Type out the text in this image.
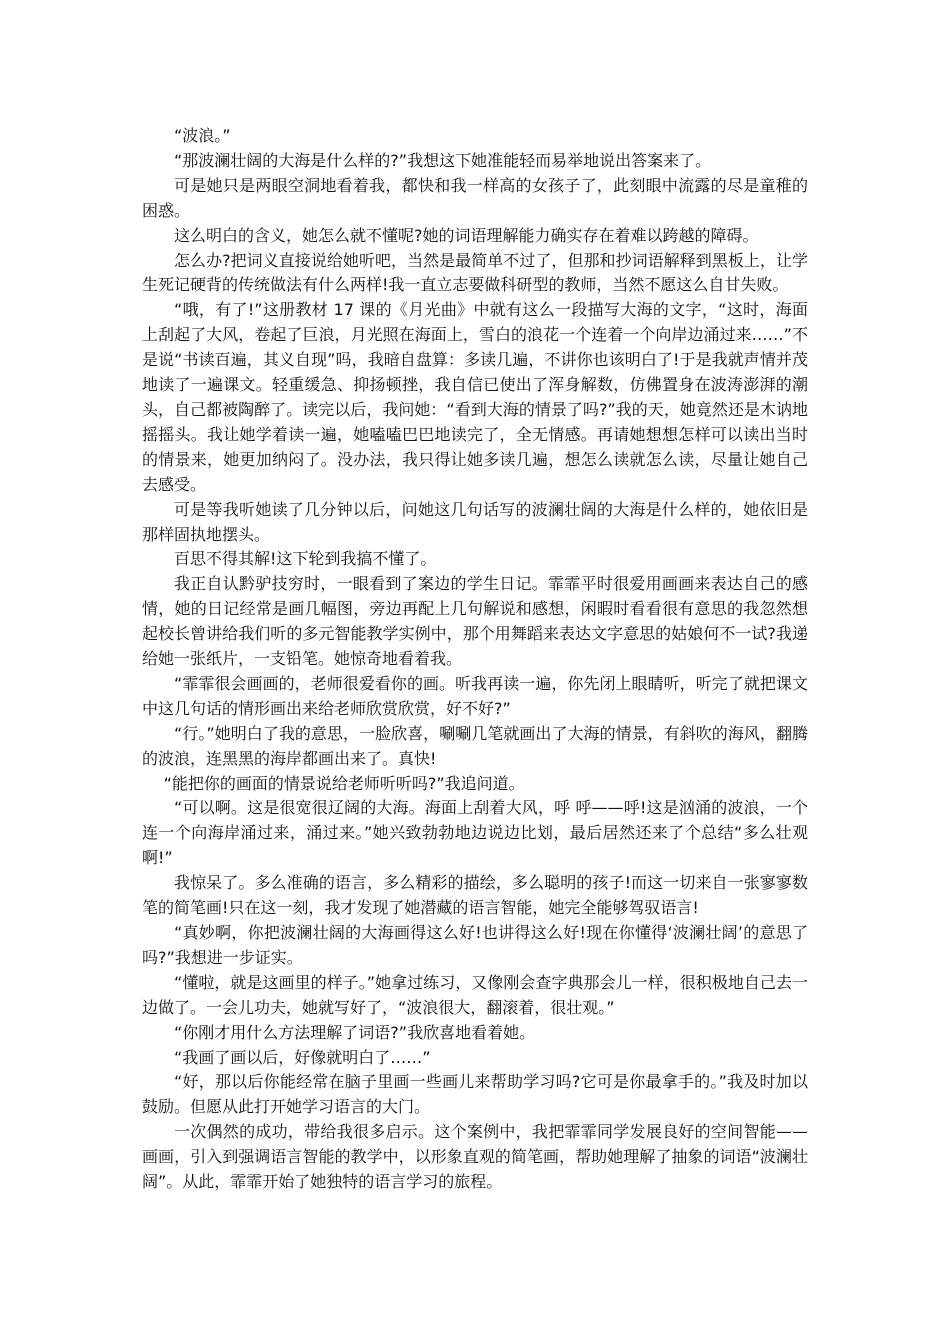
“波浪。”

“那波澜壮阔的大海是什么样的?”我想这下她准能轻而易举地说出答案来了。

可是她只是两眼空洞地看着我，都快和我一样高的女孩子了，此刻眼中流露的尽是童稚的困惑。

这么明白的含义，她怎么就不懂呢?她的词语理解能力确实存在着难以跨越的障碍。

怎么办?把词义直接说给她听吧，当然是最简单不过了，但那和抄词语解释到黑板上，让学生死记硬背的传统做法有什么两样!我一直立志要做科研型的教师，当然不愿这么自甘失败。

“哦，有了!”这册教材 17 课的《月光曲》中就有这么一段描写大海的文字，“这时，海面上刮起了大风，卷起了巨浪，月光照在海面上，雪白的浪花一个连着一个向岸边涌过来……”不是说“书读百遍，其义自现”吗，我暗自盘算：多读几遍，不讲你也该明白了!于是我就声情并茂地读了一遍课文。轻重缓急、抑扬顿挫，我自信已使出了浑身解数，仿佛置身在波涛澎湃的潮头，自己都被陶醉了。读完以后，我问她：“看到大海的情景了吗?”我的天，她竟然还是木讷地摇摇头。我让她学着读一遍，她嗑嗑巴巴地读完了，全无情感。再请她想想怎样可以读出当时的情景来，她更加纳闷了。没办法，我只得让她多读几遍，想怎么读就怎么读，尽量让她自己去感受。

可是等我听她读了几分钟以后，问她这几句话写的波澜壮阔的大海是什么样的，她依旧是那样固执地摆头。

百思不得其解!这下轮到我搞不懂了。

我正自认黔驴技穷时，一眼看到了案边的学生日记。霏霏平时很爱用画画来表达自己的感情，她的日记经常是画几幅图，旁边再配上几句解说和感想，闲暇时看看很有意思的我忽然想起校长曾讲给我们听的多元智能教学实例中，那个用舞蹈来表达文字意思的姑娘何不一试?我递给她一张纸片，一支铅笔。她惊奇地看着我。

“霏霏很会画画的，老师很爱看你的画。听我再读一遍，你先闭上眼睛听，听完了就把课文中这几句话的情形画出来给老师欣赏欣赏，好不好?”

“行。”她明白了我的意思，一脸欣喜，唰唰几笔就画出了大海的情景，有斜吹的海风，翻腾的波浪，连黑黑的海岸都画出来了。真快!

“能把你的画面的情景说给老师听听吗?”我追问道。

“可以啊。这是很宽很辽阔的大海。海面上刮着大风，呼 呼——呼!这是汹涌的波浪，一个连一个向海岸涌过来，涌过来。”她兴致勃勃地边说边比划，最后居然还来了个总结“多么壮观啊!”

我惊呆了。多么准确的语言，多么精彩的描绘，多么聪明的孩子!而这一切来自一张寥寥数笔的简笔画!只在这一刻，我才发现了她潜藏的语言智能，她完全能够驾驭语言!

“真妙啊，你把波澜壮阔的大海画得这么好!也讲得这么好!现在你懂得‘波澜壮阔’的意思了吗?”我想进一步证实。

“懂啦，就是这画里的样子。”她拿过练习，又像刚会查字典那会儿一样，很积极地自己去一边做了。一会儿功夫，她就写好了，“波浪很大，翻滚着，很壮观。”

“你刚才用什么方法理解了词语?”我欣喜地看着她。

“我画了画以后，好像就明白了……”

“好，那以后你能经常在脑子里画一些画儿来帮助学习吗?它可是你最拿手的。”我及时加以鼓励。但愿从此打开她学习语言的大门。

一次偶然的成功，带给我很多启示。这个案例中，我把霏霏同学发展良好的空间智能——画画，引入到强调语言智能的教学中，以形象直观的简笔画，帮助她理解了抽象的词语“波澜壮阔”。从此，霏霏开始了她独特的语言学习的旅程。
